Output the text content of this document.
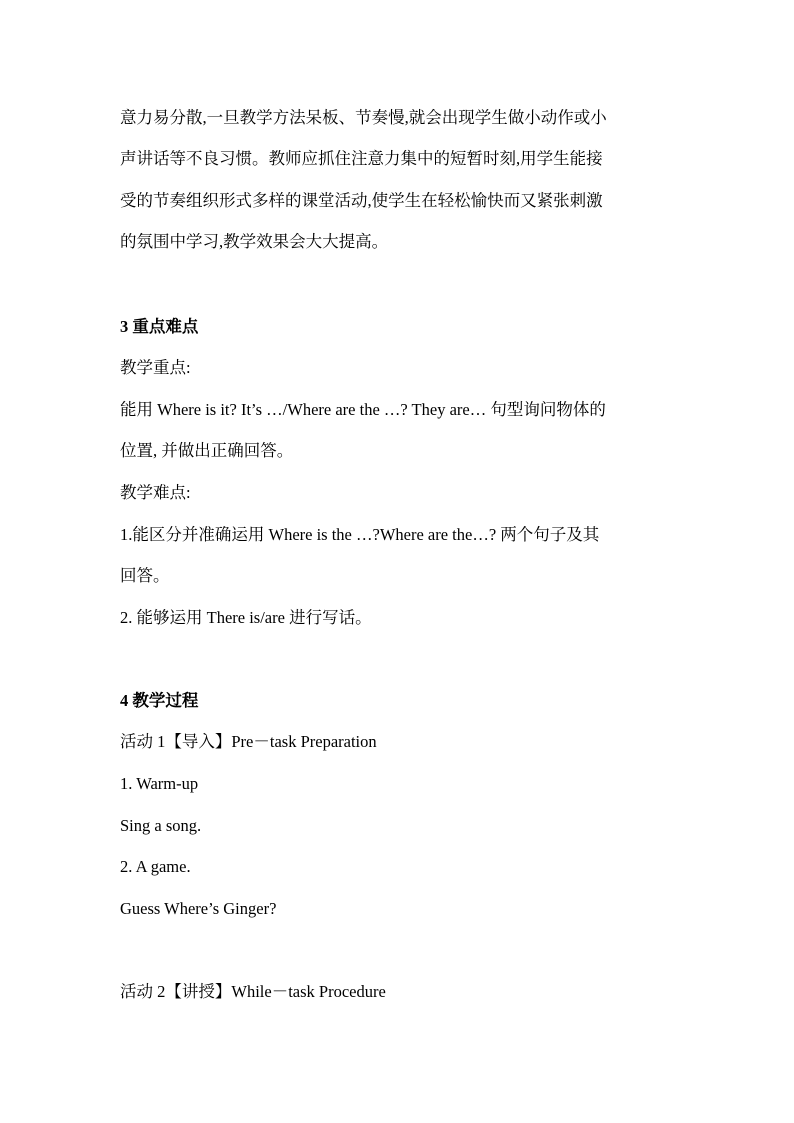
意力易分散,一旦教学方法呆板、节奏慢,就会出现学生做小动作或小
声讲话等不良习惯。教师应抓住注意力集中的短暂时刻,用学生能接
受的节奏组织形式多样的课堂活动,使学生在轻松愉快而又紧张刺激
的氛围中学习,教学效果会大大提高。
3 重点难点
教学重点:
能用 Where is it? It’s …/Where are the …? They are… 句型询问物体的
位置, 并做出正确回答。
教学难点:
1.能区分并准确运用 Where is the …?Where are the…? 两个句子及其
回答。
2. 能够运用 There is/are 进行写话。
4 教学过程
活动 1【导入】Pre－task Preparation
1. Warm-up
Sing a song.
2. A game.
Guess Where’s Ginger?
活动 2【讲授】While－task Procedure
